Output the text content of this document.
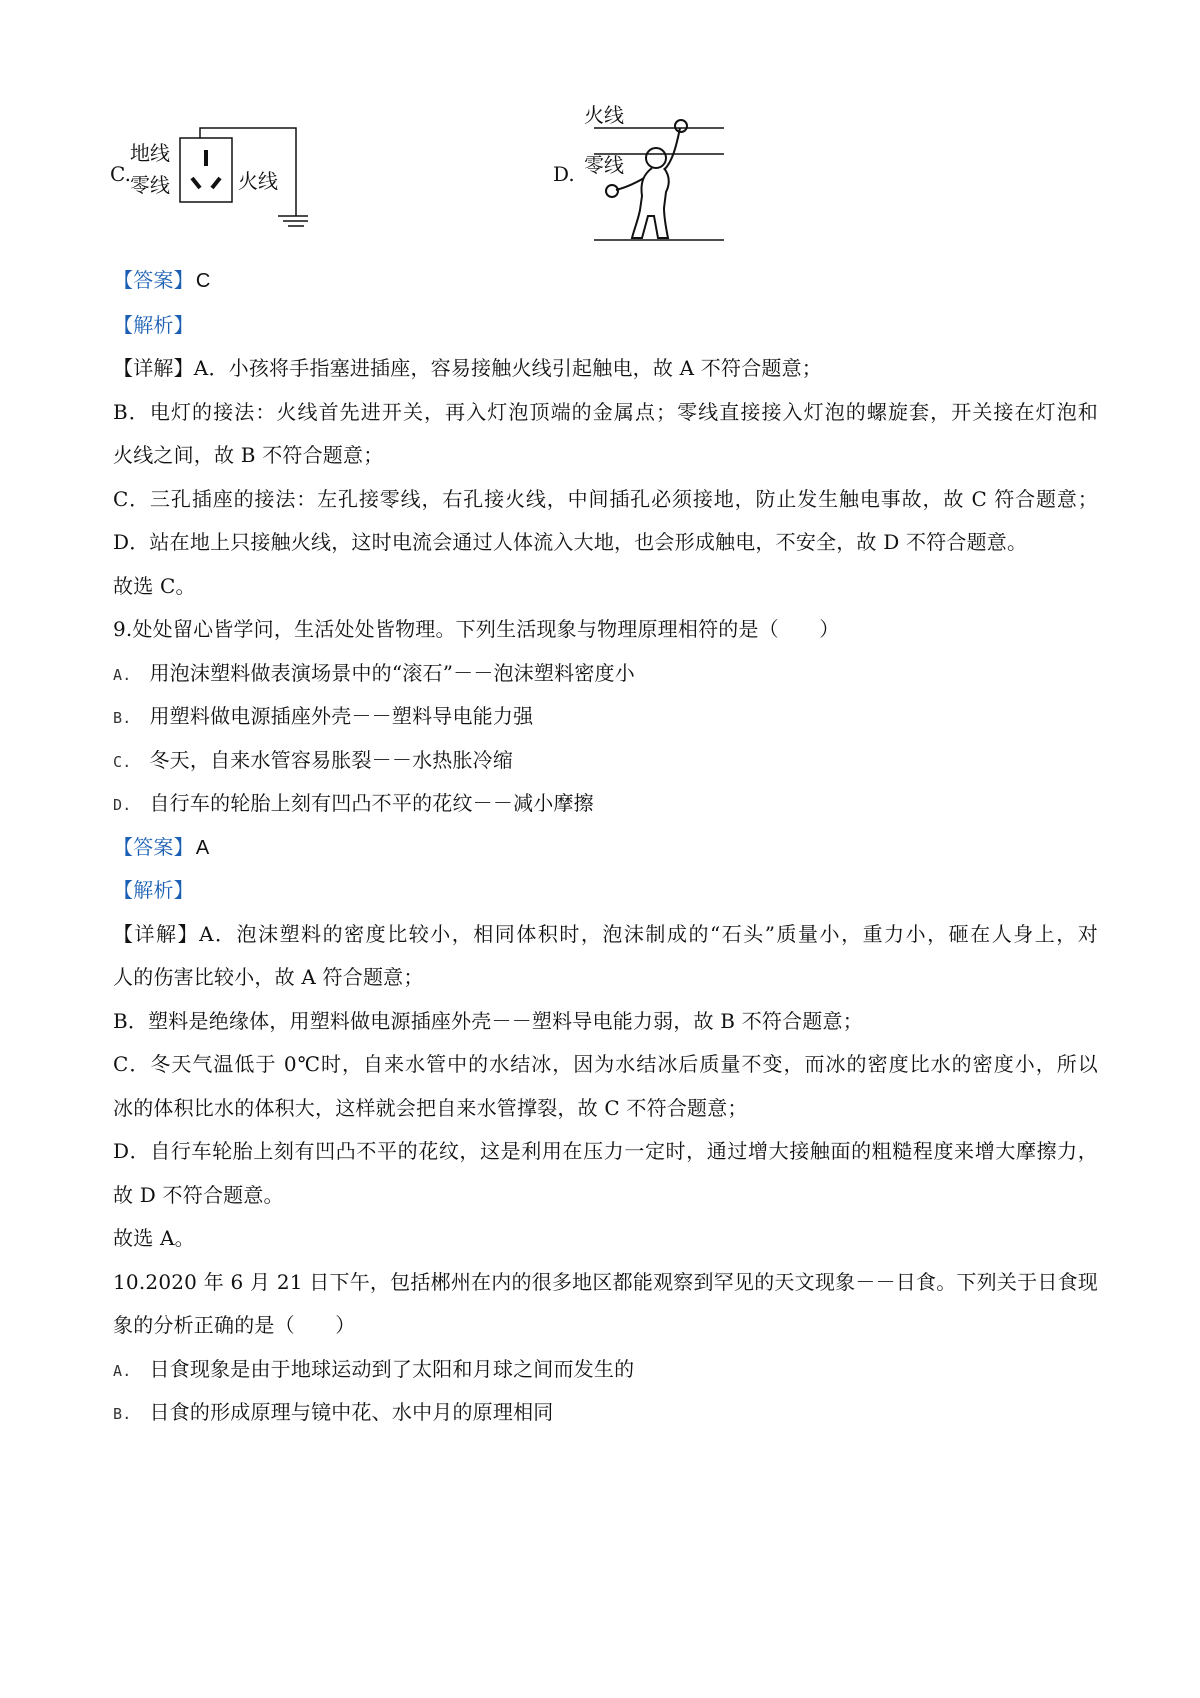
C.
地线
零线	火线	D.
火线
零线
【答案】 C
【解析】
【详解】A．小孩将手指塞进插座，容易接触火线引起触电，故 A 不符合题意；
B．电灯的接法：火线首先进开关，再入灯泡顶端的金属点；零线直接接入灯泡的螺旋套，开关接在灯泡和
火线之间，故 B 不符合题意；
C．三孔插座的接法：左孔接零线，右孔接火线，中间插孔必须接地，防止发生触电事故，故 C 符合题意；
D．站在地上只接触火线，这时电流会通过人体流入大地，也会形成触电，不安全，故 D 不符合题意。
故选 C。
9.处处留心皆学问，生活处处皆物理。下列生活现象与物理原理相符的是（　　）
A. 用泡沫塑料做表演场景中的“滚石”－－泡沫塑料密度小
B. 用塑料做电源插座外壳－－塑料导电能力强
C. 冬天，自来水管容易胀裂－－水热胀冷缩
D. 自行车的轮胎上刻有凹凸不平的花纹－－减小摩擦
【答案】 A
【解析】
【详解】A．泡沫塑料的密度比较小，相同体积时，泡沫制成的“石头”质量小，重力小，砸在人身上，对
人的伤害比较小，故 A 符合题意；
B．塑料是绝缘体，用塑料做电源插座外壳－－塑料导电能力弱，故 B 不符合题意；
C．冬天气温低于 0℃时，自来水管中的水结冰，因为水结冰后质量不变，而冰的密度比水的密度小，所以
冰的体积比水的体积大，这样就会把自来水管撑裂，故 C 不符合题意；
D．自行车轮胎上刻有凹凸不平的花纹，这是利用在压力一定时，通过增大接触面的粗糙程度来增大摩擦力，
故 D 不符合题意。
故选 A。
10.2020 年 6 月 21 日下午，包括郴州在内的很多地区都能观察到罕见的天文现象－－日食。下列关于日食现
象的分析正确的是（　　）
A. 日食现象是由于地球运动到了太阳和月球之间而发生的
B. 日食的形成原理与镜中花、水中月的原理相同
